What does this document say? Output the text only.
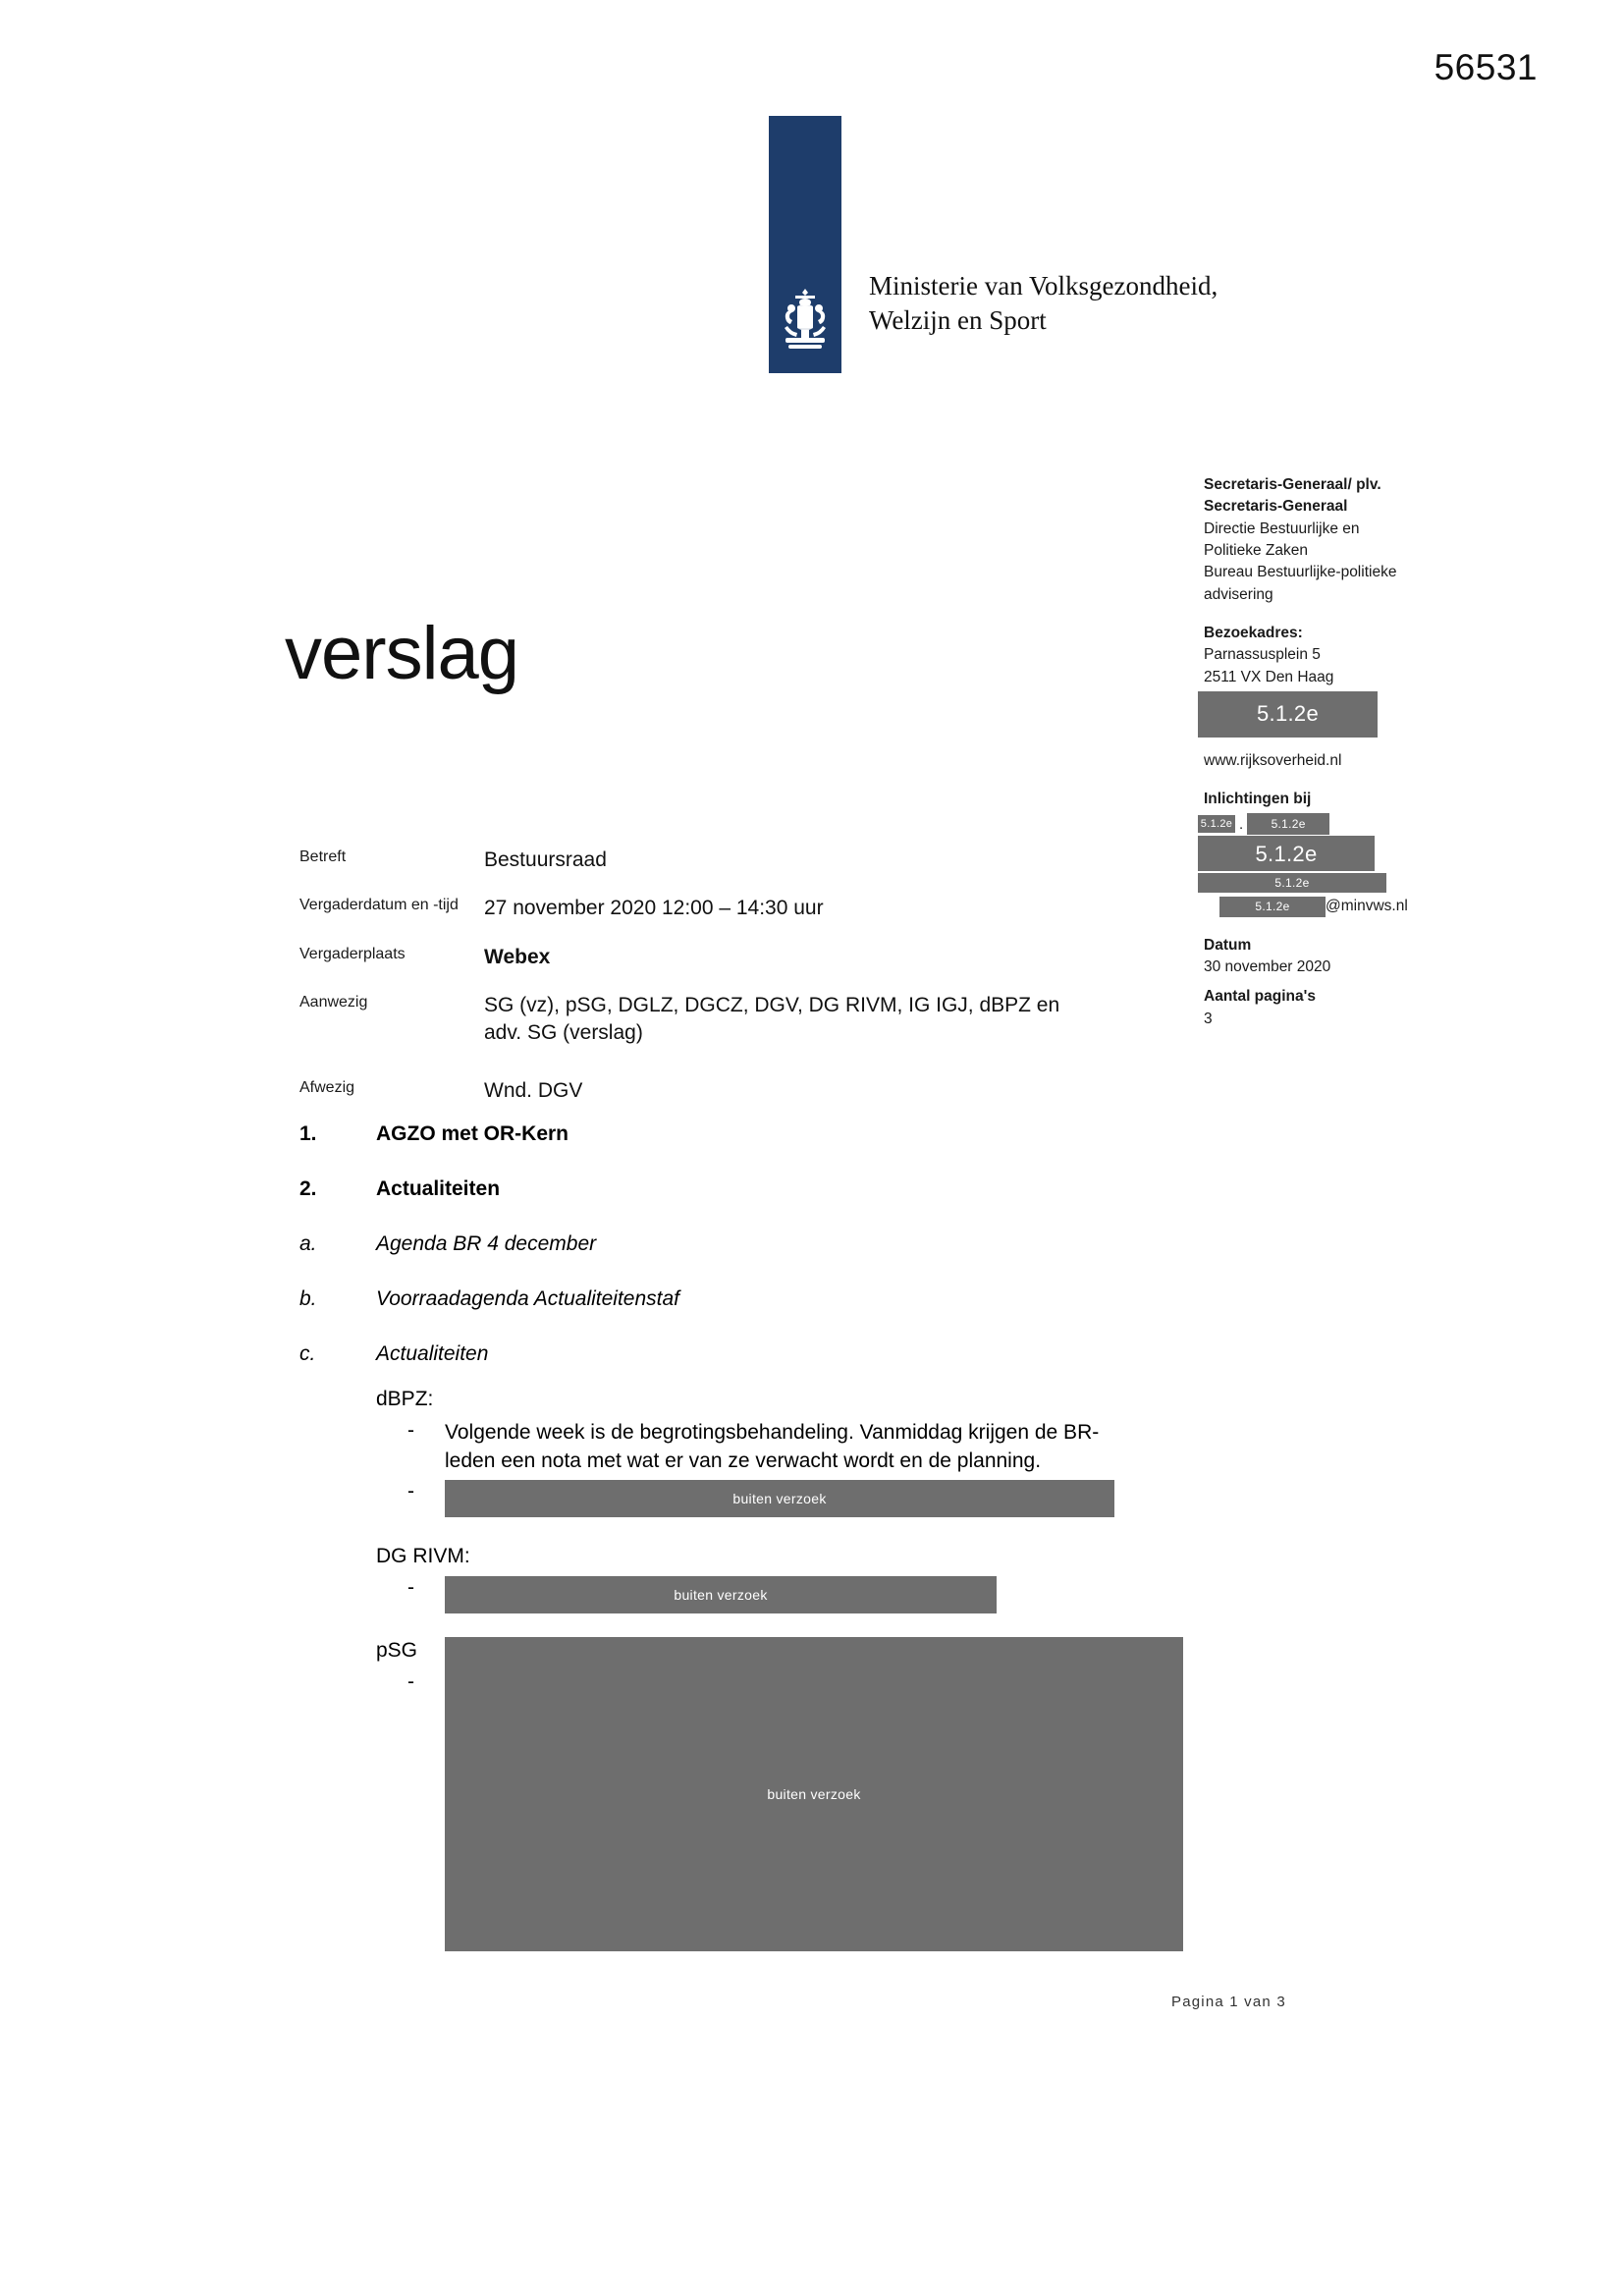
56531
Ministerie van Volksgezondheid,
Welzijn en Sport
Secretaris-Generaal/ plv.
Secretaris-Generaal
Directie Bestuurlijke en
Politieke Zaken
Bureau Bestuurlijke-politieke
advisering
Bezoekadres:
Parnassusplein 5
2511 VX Den Haag
5.1.2e
www.rijksoverheid.nl
Inlichtingen bij
5.1.2e .	5.1.2e
5.1.2e
5.1.2e
5.1.2e	@minvws.nl
Datum
30 november 2020
Aantal pagina's
3
verslag
Betreft	Bestuursraad
Vergaderdatum en -tijd	27 november 2020 12:00 – 14:30 uur
Vergaderplaats	Webex
Aanwezig	SG (vz), pSG, DGLZ, DGCZ, DGV, DG RIVM, IG IGJ, dBPZ en adv. SG (verslag)
Afwezig	Wnd. DGV
1.	AGZO met OR-Kern
2.	Actualiteiten
a.	Agenda BR 4 december
b.	Voorraadagenda Actualiteitenstaf
c.	Actualiteiten
dBPZ:
-	Volgende week is de begrotingsbehandeling. Vanmiddag krijgen de BR-leden een nota met wat er van ze verwacht wordt en de planning.
-	buiten verzoek
DG RIVM:
-	buiten verzoek
pSG
-
buiten verzoek
Pagina 1 van 3
